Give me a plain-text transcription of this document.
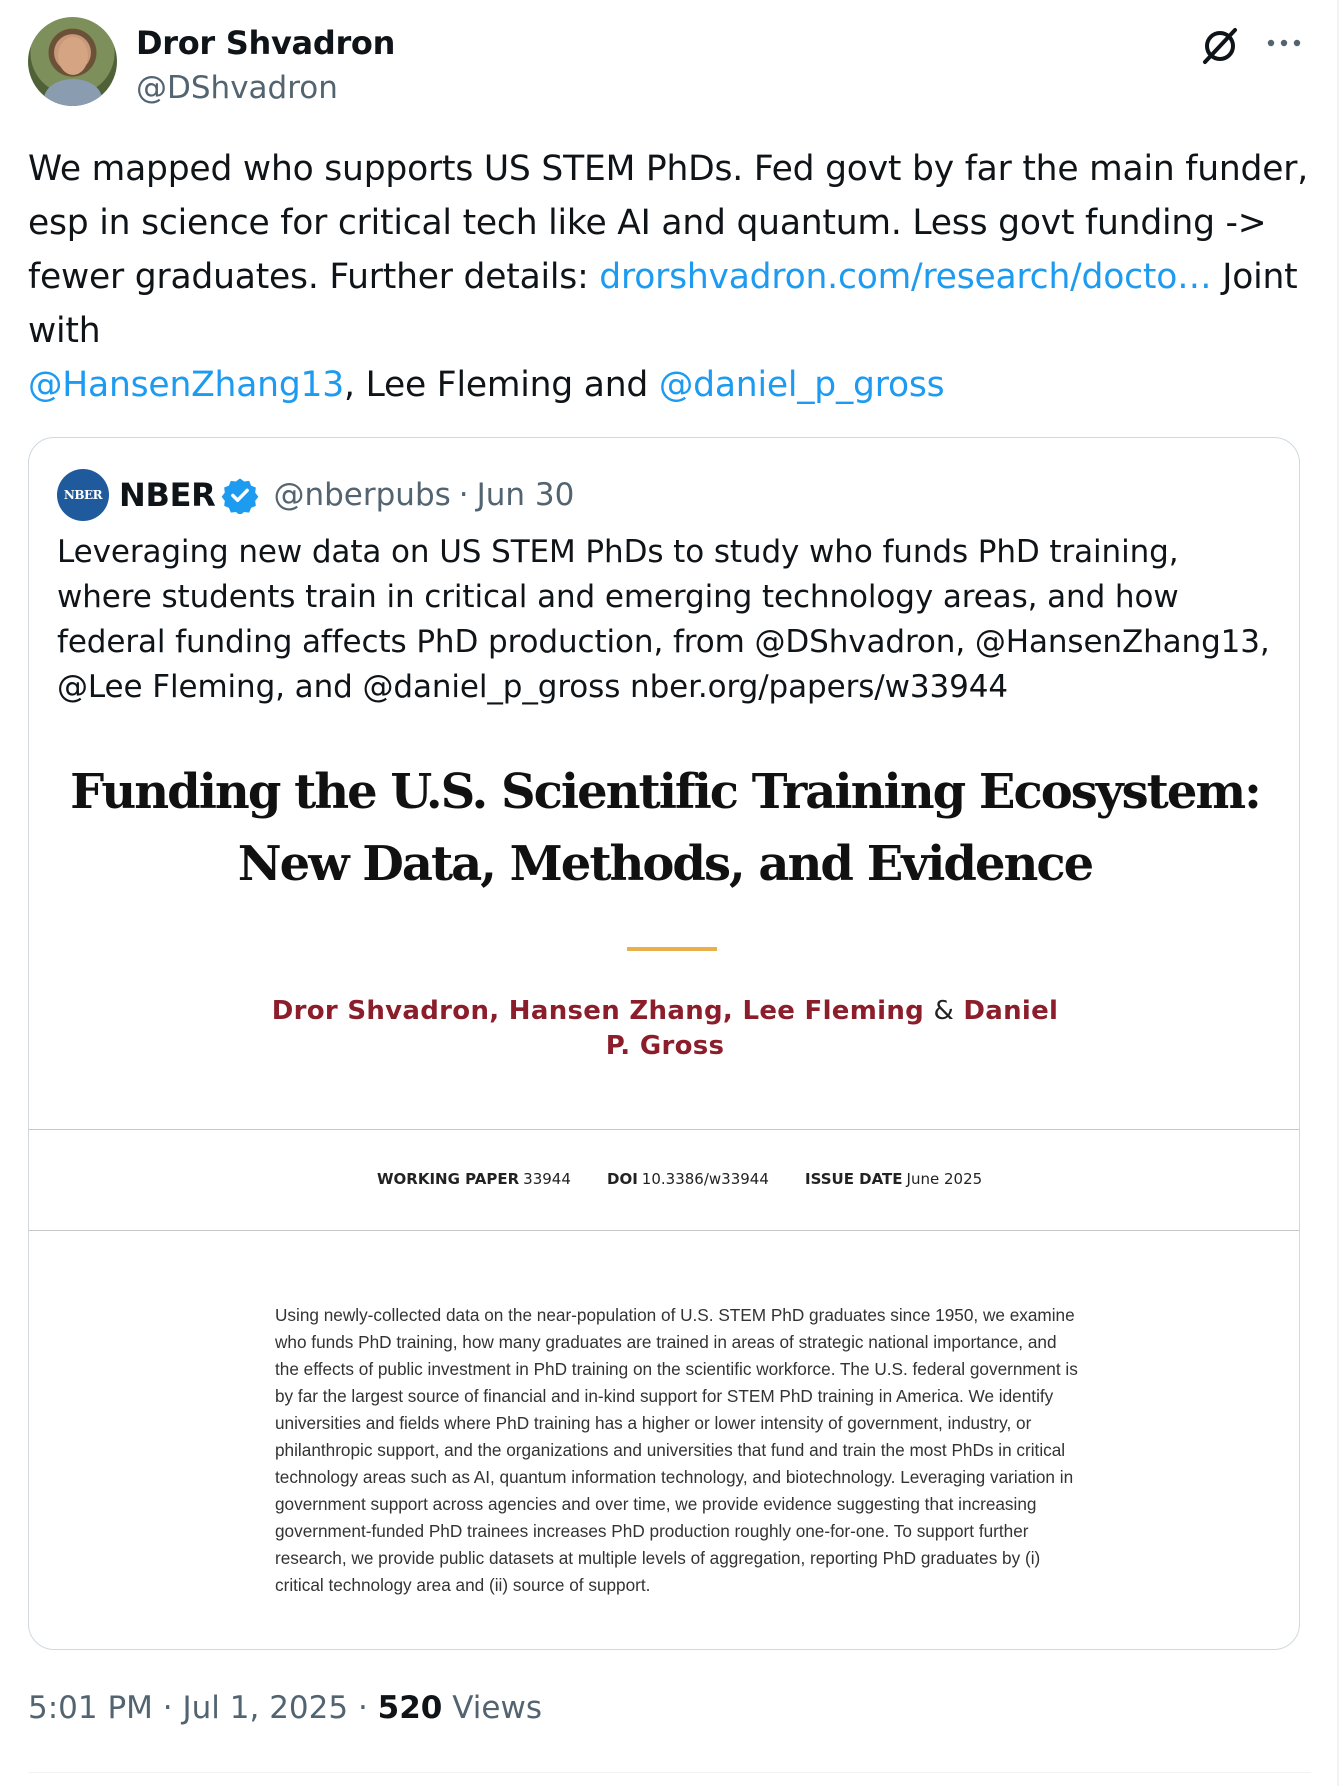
Dror Shvadron
@DShvadron
We mapped who supports US STEM PhDs. Fed govt by far the main funder, esp in science for critical tech like AI and quantum. Less govt funding -> fewer graduates. Further details: drorshvadron.com/research/docto… Joint with
@HansenZhang13, Lee Fleming and @daniel_p_gross
NBER NBER @nberpubs · Jun 30
Leveraging new data on US STEM PhDs to study who funds PhD training, where students train in critical and emerging technology areas, and how federal funding affects PhD production, from @DShvadron, @HansenZhang13, @Lee Fleming, and @daniel_p_gross nber.org/papers/w33944
Funding the U.S. Scientific Training Ecosystem:
New Data, Methods, and Evidence
Dror Shvadron, Hansen Zhang, Lee Fleming & Daniel P. Gross
WORKING PAPER 33944 DOI 10.3386/w33944 ISSUE DATE June 2025
Using newly-collected data on the near-population of U.S. STEM PhD graduates since 1950, we examine who funds PhD training, how many graduates are trained in areas of strategic national importance, and the effects of public investment in PhD training on the scientific workforce. The U.S. federal government is by far the largest source of financial and in-kind support for STEM PhD training in America. We identify universities and fields where PhD training has a higher or lower intensity of government, industry, or philanthropic support, and the organizations and universities that fund and train the most PhDs in critical technology areas such as AI, quantum information technology, and biotechnology. Leveraging variation in government support across agencies and over time, we provide evidence suggesting that increasing government-funded PhD trainees increases PhD production roughly one-for-one. To support further research, we provide public datasets at multiple levels of aggregation, reporting PhD graduates by (i) critical technology area and (ii) source of support.
5:01 PM · Jul 1, 2025 · 520 Views
